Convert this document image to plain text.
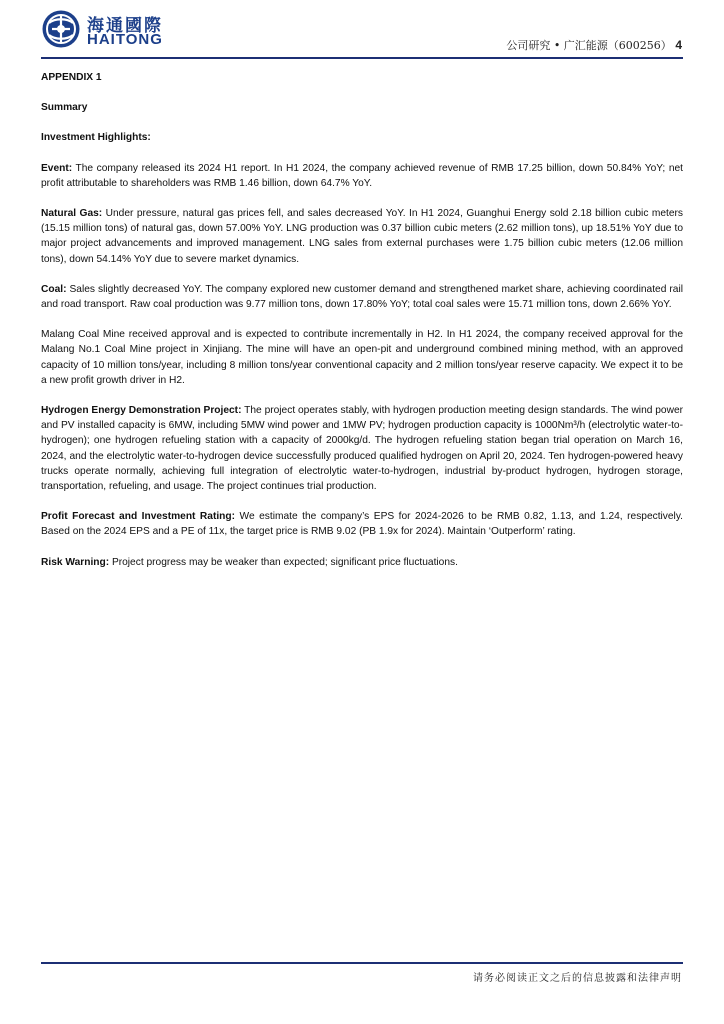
海通國際
HAITONG	公司研究 • 广汇能源（600256） 4

APPENDIX 1

Summary

Investment Highlights:

Event: The company released its 2024 H1 report. In H1 2024, the company achieved revenue of RMB 17.25 billion, down 50.84% YoY; net profit attributable to shareholders was RMB 1.46 billion, down 64.7% YoY.

Natural Gas: Under pressure, natural gas prices fell, and sales decreased YoY. In H1 2024, Guanghui Energy sold 2.18 billion cubic meters (15.15 million tons) of natural gas, down 57.00% YoY. LNG production was 0.37 billion cubic meters (2.62 million tons), up 18.51% YoY due to major project advancements and improved management. LNG sales from external purchases were 1.75 billion cubic meters (12.06 million tons), down 54.14% YoY due to severe market dynamics.

Coal: Sales slightly decreased YoY. The company explored new customer demand and strengthened market share, achieving coordinated rail and road transport. Raw coal production was 9.77 million tons, down 17.80% YoY; total coal sales were 15.71 million tons, down 2.66% YoY.

Malang Coal Mine received approval and is expected to contribute incrementally in H2. In H1 2024, the company received approval for the Malang No.1 Coal Mine project in Xinjiang. The mine will have an open-pit and underground combined mining method, with an approved capacity of 10 million tons/year, including 8 million tons/year conventional capacity and 2 million tons/year reserve capacity. We expect it to be a new profit growth driver in H2.

Hydrogen Energy Demonstration Project: The project operates stably, with hydrogen production meeting design standards. The wind power and PV installed capacity is 6MW, including 5MW wind power and 1MW PV; hydrogen production capacity is 1000Nm³/h (electrolytic water-to-hydrogen); one hydrogen refueling station with a capacity of 2000kg/d. The hydrogen refueling station began trial operation on March 16, 2024, and the electrolytic water-to-hydrogen device successfully produced qualified hydrogen on April 20, 2024. Ten hydrogen-powered heavy trucks operate normally, achieving full integration of electrolytic water-to-hydrogen, industrial by-product hydrogen, hydrogen storage, transportation, refueling, and usage. The project continues trial production.

Profit Forecast and Investment Rating: We estimate the company’s EPS for 2024-2026 to be RMB 0.82, 1.13, and 1.24, respectively. Based on the 2024 EPS and a PE of 11x, the target price is RMB 9.02 (PB 1.9x for 2024). Maintain ‘Outperform’ rating.

Risk Warning: Project progress may be weaker than expected; significant price fluctuations.

请务必阅读正文之后的信息披露和法律声明
